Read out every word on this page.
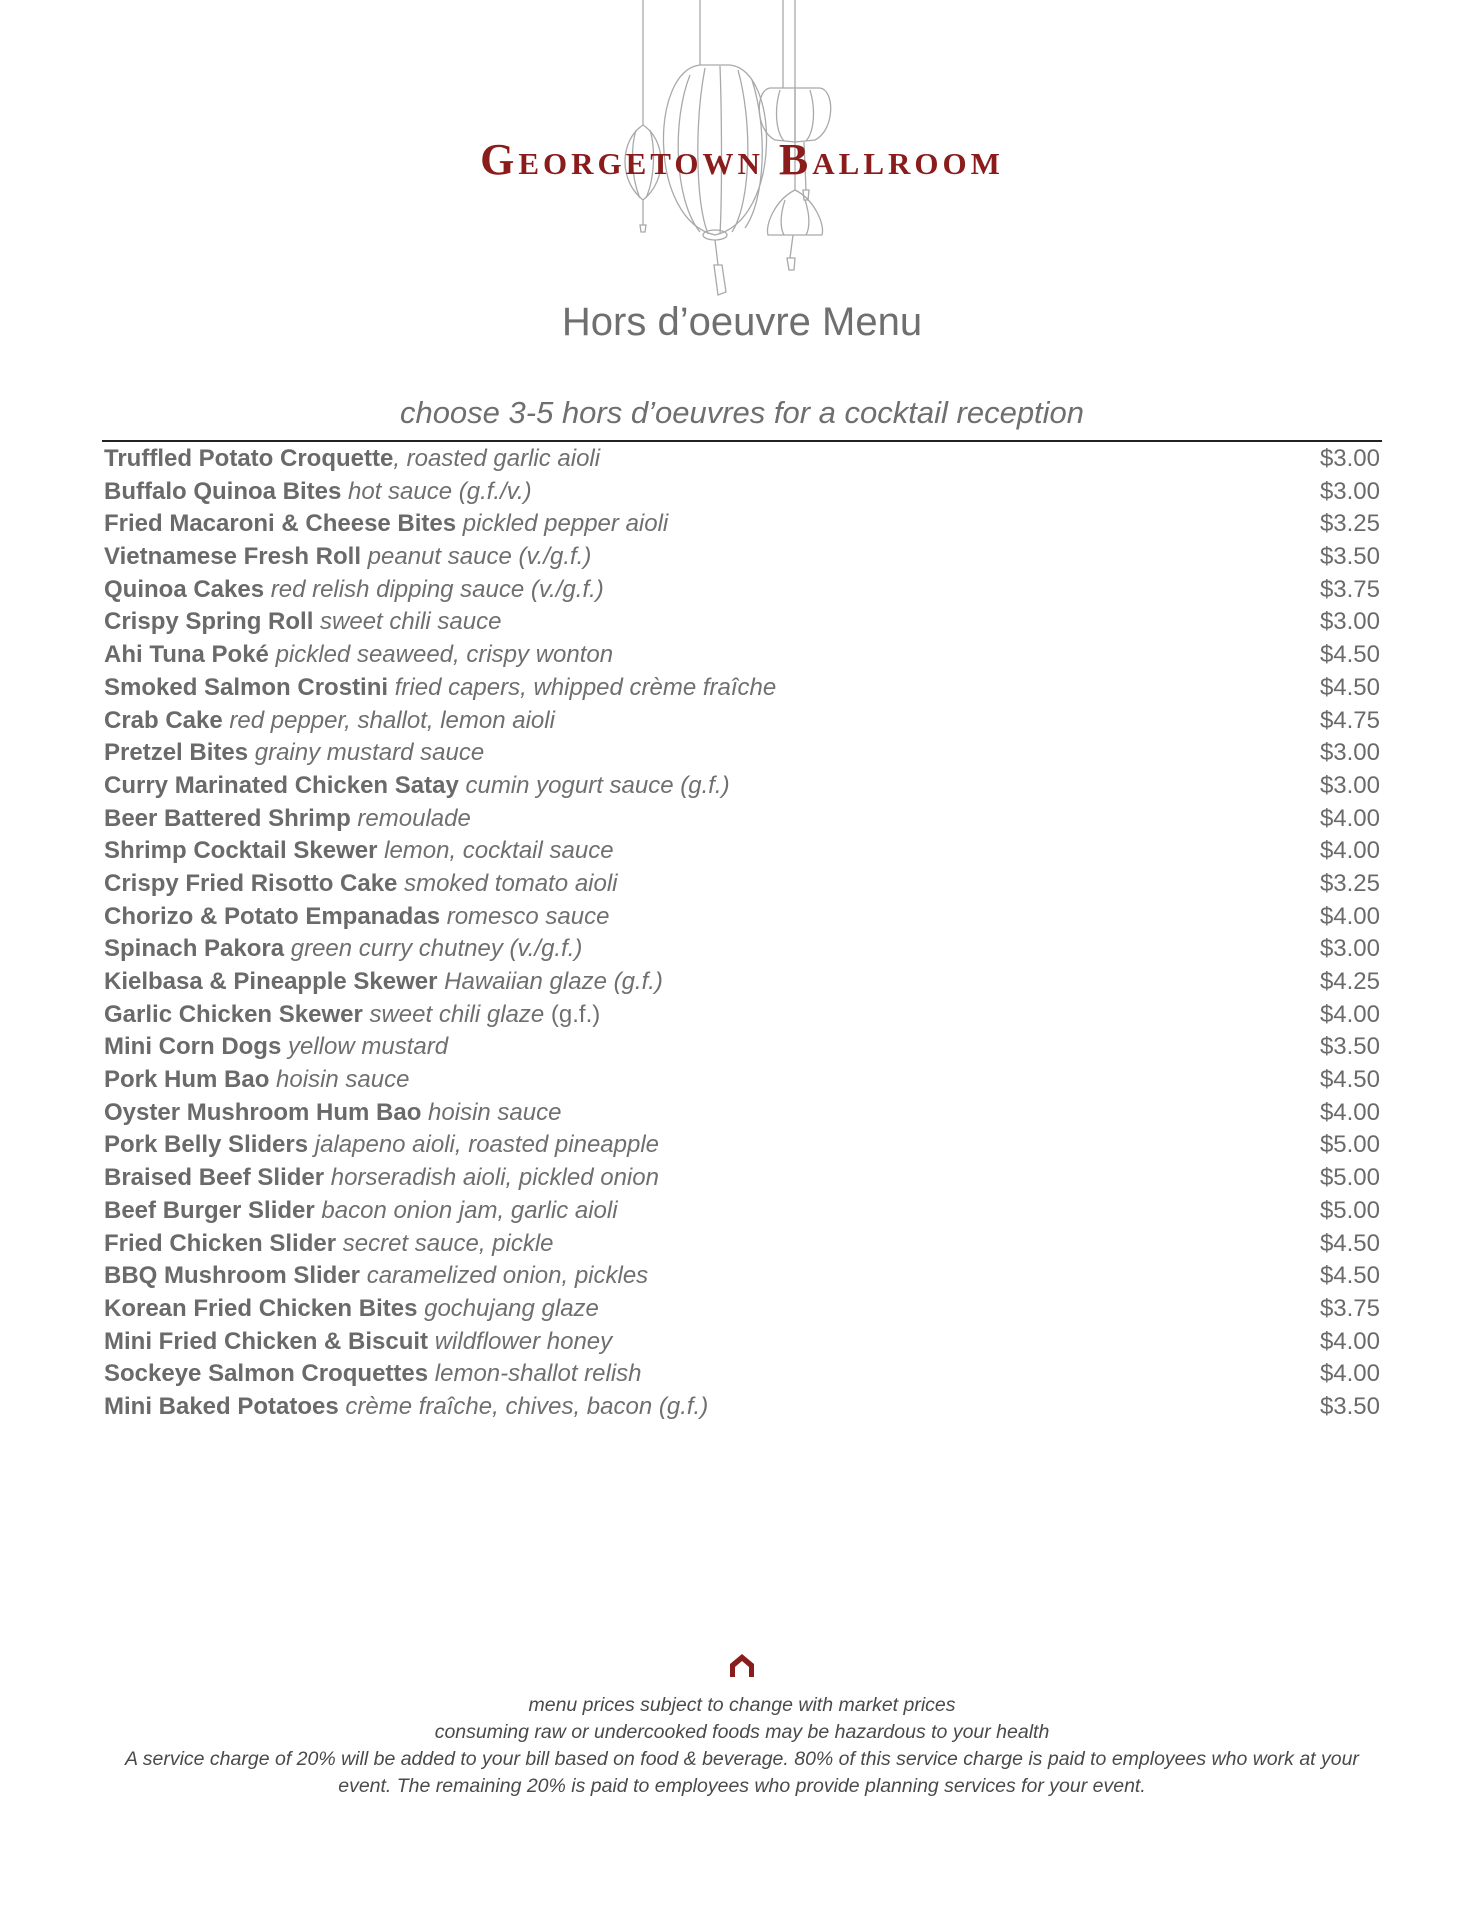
Georgetown Ballroom
Hors d’oeuvre Menu
choose 3-5 hors d’oeuvres for a cocktail reception
Truffled Potato Croquette, roasted garlic aioli	$3.00
Buffalo Quinoa Bites hot sauce (g.f./v.)	$3.00
Fried Macaroni & Cheese Bites pickled pepper aioli	$3.25
Vietnamese Fresh Roll peanut sauce (v./g.f.)	$3.50
Quinoa Cakes red relish dipping sauce (v./g.f.)	$3.75
Crispy Spring Roll sweet chili sauce	$3.00
Ahi Tuna Poké pickled seaweed, crispy wonton	$4.50
Smoked Salmon Crostini fried capers, whipped crème fraîche	$4.50
Crab Cake red pepper, shallot, lemon aioli	$4.75
Pretzel Bites grainy mustard sauce	$3.00
Curry Marinated Chicken Satay cumin yogurt sauce (g.f.)	$3.00
Beer Battered Shrimp remoulade	$4.00
Shrimp Cocktail Skewer lemon, cocktail sauce	$4.00
Crispy Fried Risotto Cake smoked tomato aioli	$3.25
Chorizo & Potato Empanadas romesco sauce	$4.00
Spinach Pakora green curry chutney (v./g.f.)	$3.00
Kielbasa & Pineapple Skewer Hawaiian glaze (g.f.)	$4.25
Garlic Chicken Skewer sweet chili glaze (g.f.)	$4.00
Mini Corn Dogs yellow mustard	$3.50
Pork Hum Bao hoisin sauce	$4.50
Oyster Mushroom Hum Bao hoisin sauce	$4.00
Pork Belly Sliders jalapeno aioli, roasted pineapple	$5.00
Braised Beef Slider horseradish aioli, pickled onion	$5.00
Beef Burger Slider bacon onion jam, garlic aioli	$5.00
Fried Chicken Slider secret sauce, pickle	$4.50
BBQ Mushroom Slider caramelized onion, pickles	$4.50
Korean Fried Chicken Bites gochujang glaze	$3.75
Mini Fried Chicken & Biscuit wildflower honey	$4.00
Sockeye Salmon Croquettes lemon-shallot relish	$4.00
Mini Baked Potatoes crème fraîche, chives, bacon (g.f.)	$3.50
menu prices subject to change with market prices
consuming raw or undercooked foods may be hazardous to your health
A service charge of 20% will be added to your bill based on food & beverage. 80% of this service charge is paid to employees who work at your event. The remaining 20% is paid to employees who provide planning services for your event.
